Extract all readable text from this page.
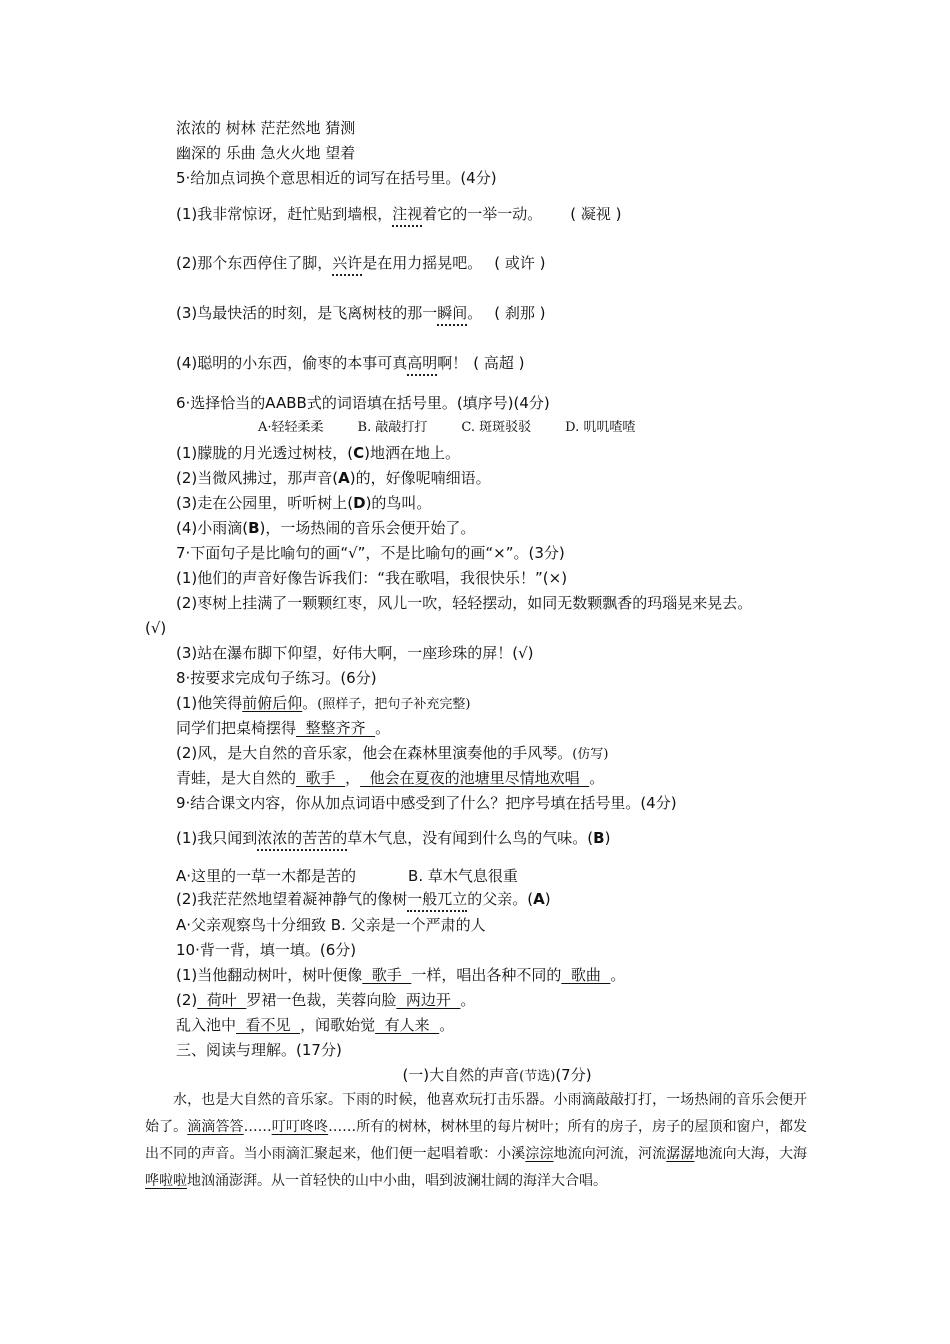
浓浓的 树林 茫茫然地 猜测
幽深的 乐曲 急火火地 望着
5·给加点词换个意思相近的词写在括号里。(4分)
(1)我非常惊讶，赶忙贴到墙根，注视着它的一举一动。 ( 凝视 )
(2)那个东西停住了脚，兴许是在用力摇晃吧。 ( 或许 )
(3)鸟最快活的时刻，是飞离树枝的那一瞬间。 ( 刹那 )
(4)聪明的小东西，偷枣的本事可真高明啊！ ( 高超 )
6·选择恰当的AABB式的词语填在括号里。(填序号)(4分)
A·轻轻柔柔	B. 敲敲打打	C. 斑斑驳驳	D. 叽叽喳喳
(1)朦胧的月光透过树枝，(C)地洒在地上。
(2)当微风拂过，那声音(A)的，好像呢喃细语。
(3)走在公园里，听听树上(D)的鸟叫。
(4)小雨滴(B)，一场热闹的音乐会便开始了。
7·下面句子是比喻句的画“√”，不是比喻句的画“×”。(3分)
(1)他们的声音好像告诉我们：“我在歌唱，我很快乐！”(×)
(2)枣树上挂满了一颗颗红枣，风儿一吹，轻轻摆动，如同无数颗飘香的玛瑙晃来晃去。
(√)
(3)站在瀑布脚下仰望，好伟大啊，一座珍珠的屏！(√)
8·按要求完成句子练习。(6分)
(1)他笑得前俯后仰。(照样子，把句子补充完整)
同学们把桌椅摆得  整整齐齐  。
(2)风，是大自然的音乐家，他会在森林里演奏他的手风琴。(仿写)
青蛙，是大自然的  歌手  ，  他会在夏夜的池塘里尽情地欢唱  。
9·结合课文内容，你从加点词语中感受到了什么？把序号填在括号里。(4分)
(1)我只闻到浓浓的苦苦的草木气息，没有闻到什么鸟的气味。(B)
A·这里的一草一木都是苦的	B. 草木气息很重
(2)我茫茫然地望着凝神静气的像树一般兀立的父亲。(A)
A·父亲观察鸟十分细致 B. 父亲是一个严肃的人
10·背一背，填一填。(6分)
(1)当他翻动树叶，树叶便像  歌手  一样，唱出各种不同的  歌曲  。
(2)  荷叶  罗裙一色裁，芙蓉向脸  两边开  。
乱入池中  看不见  ，闻歌始觉  有人来  。
三、阅读与理解。(17分)
(一)大自然的声音(节选)(7分)
水，也是大自然的音乐家。下雨的时候，他喜欢玩打击乐器。小雨滴敲敲打打，一场热闹的音乐会便开始了。滴滴答答……叮叮咚咚……所有的树林，树林里的每片树叶；所有的房子，房子的屋顶和窗户，都发出不同的声音。当小雨滴汇聚起来，他们便一起唱着歌：小溪淙淙地流向河流，河流潺潺地流向大海，大海哗啦啦地汹涌澎湃。从一首轻快的山中小曲，唱到波澜壮阔的海洋大合唱。
